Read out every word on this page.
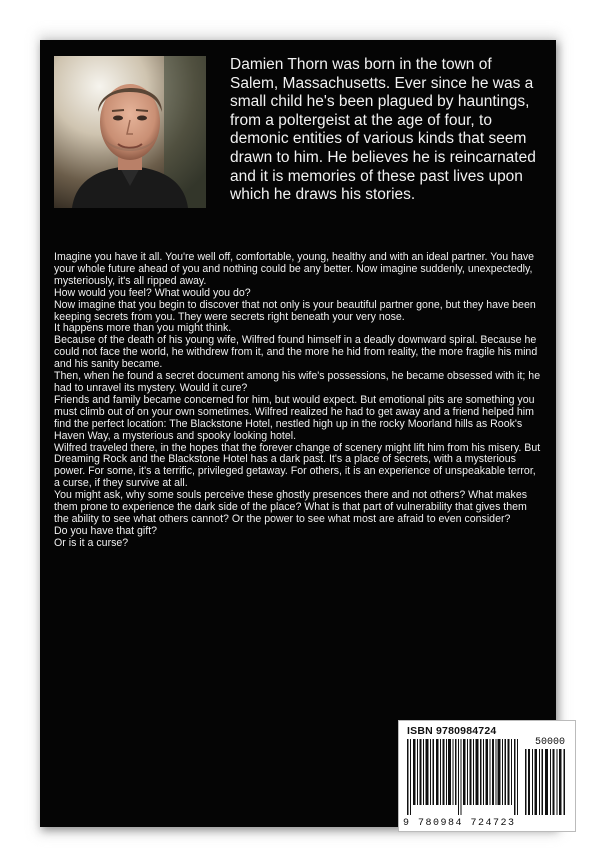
Damien Thorn was born in the town of
Salem, Massachusetts. Ever since he was a
small child he's been plagued by hauntings,
from a poltergeist at the age of four, to
demonic entities of various kinds that seem
drawn to him. He believes he is reincarnated
and it is memories of these past lives upon
which he draws his stories.

Imagine you have it all. You're well off, comfortable, young, healthy and with an ideal partner. You have your whole future ahead of you and nothing could be any better. Now imagine suddenly, unexpectedly, mysteriously, it's all ripped away.

How would you feel? What would you do?

Now imagine that you begin to discover that not only is your beautiful partner gone, but they have been keeping secrets from you. They were secrets right beneath your very nose.

It happens more than you might think.

Because of the death of his young wife, Wilfred found himself in a deadly downward spiral. Because he could not face the world, he withdrew from it, and the more he hid from reality, the more fragile his mind and his sanity became.

Then, when he found a secret document among his wife's possessions, he became obsessed with it; he had to unravel its mystery. Would it cure?

Friends and family became concerned for him, but would expect. But emotional pits are something you must climb out of on your own sometimes. Wilfred realized he had to get away and a friend helped him find the perfect location: The Blackstone Hotel, nestled high up in the rocky Moorland hills as Rook's Haven Way, a mysterious and spooky looking hotel.

Wilfred traveled there, in the hopes that the forever change of scenery might lift him from his misery. But Dreaming Rock and the Blackstone Hotel has a dark past. It's a place of secrets, with a mysterious power. For some, it's a terrific, privileged getaway. For others, it is an experience of unspeakable terror, a curse, if they survive at all.

You might ask, why some souls perceive these ghostly presences there and not others? What makes them prone to experience the dark side of the place? What is that part of vulnerability that gives them the ability to see what others cannot? Or the power to see what most are afraid to even consider?

Do you have that gift?

Or is it a curse?

ISBN 9780984724
50000
9 780984 724723
